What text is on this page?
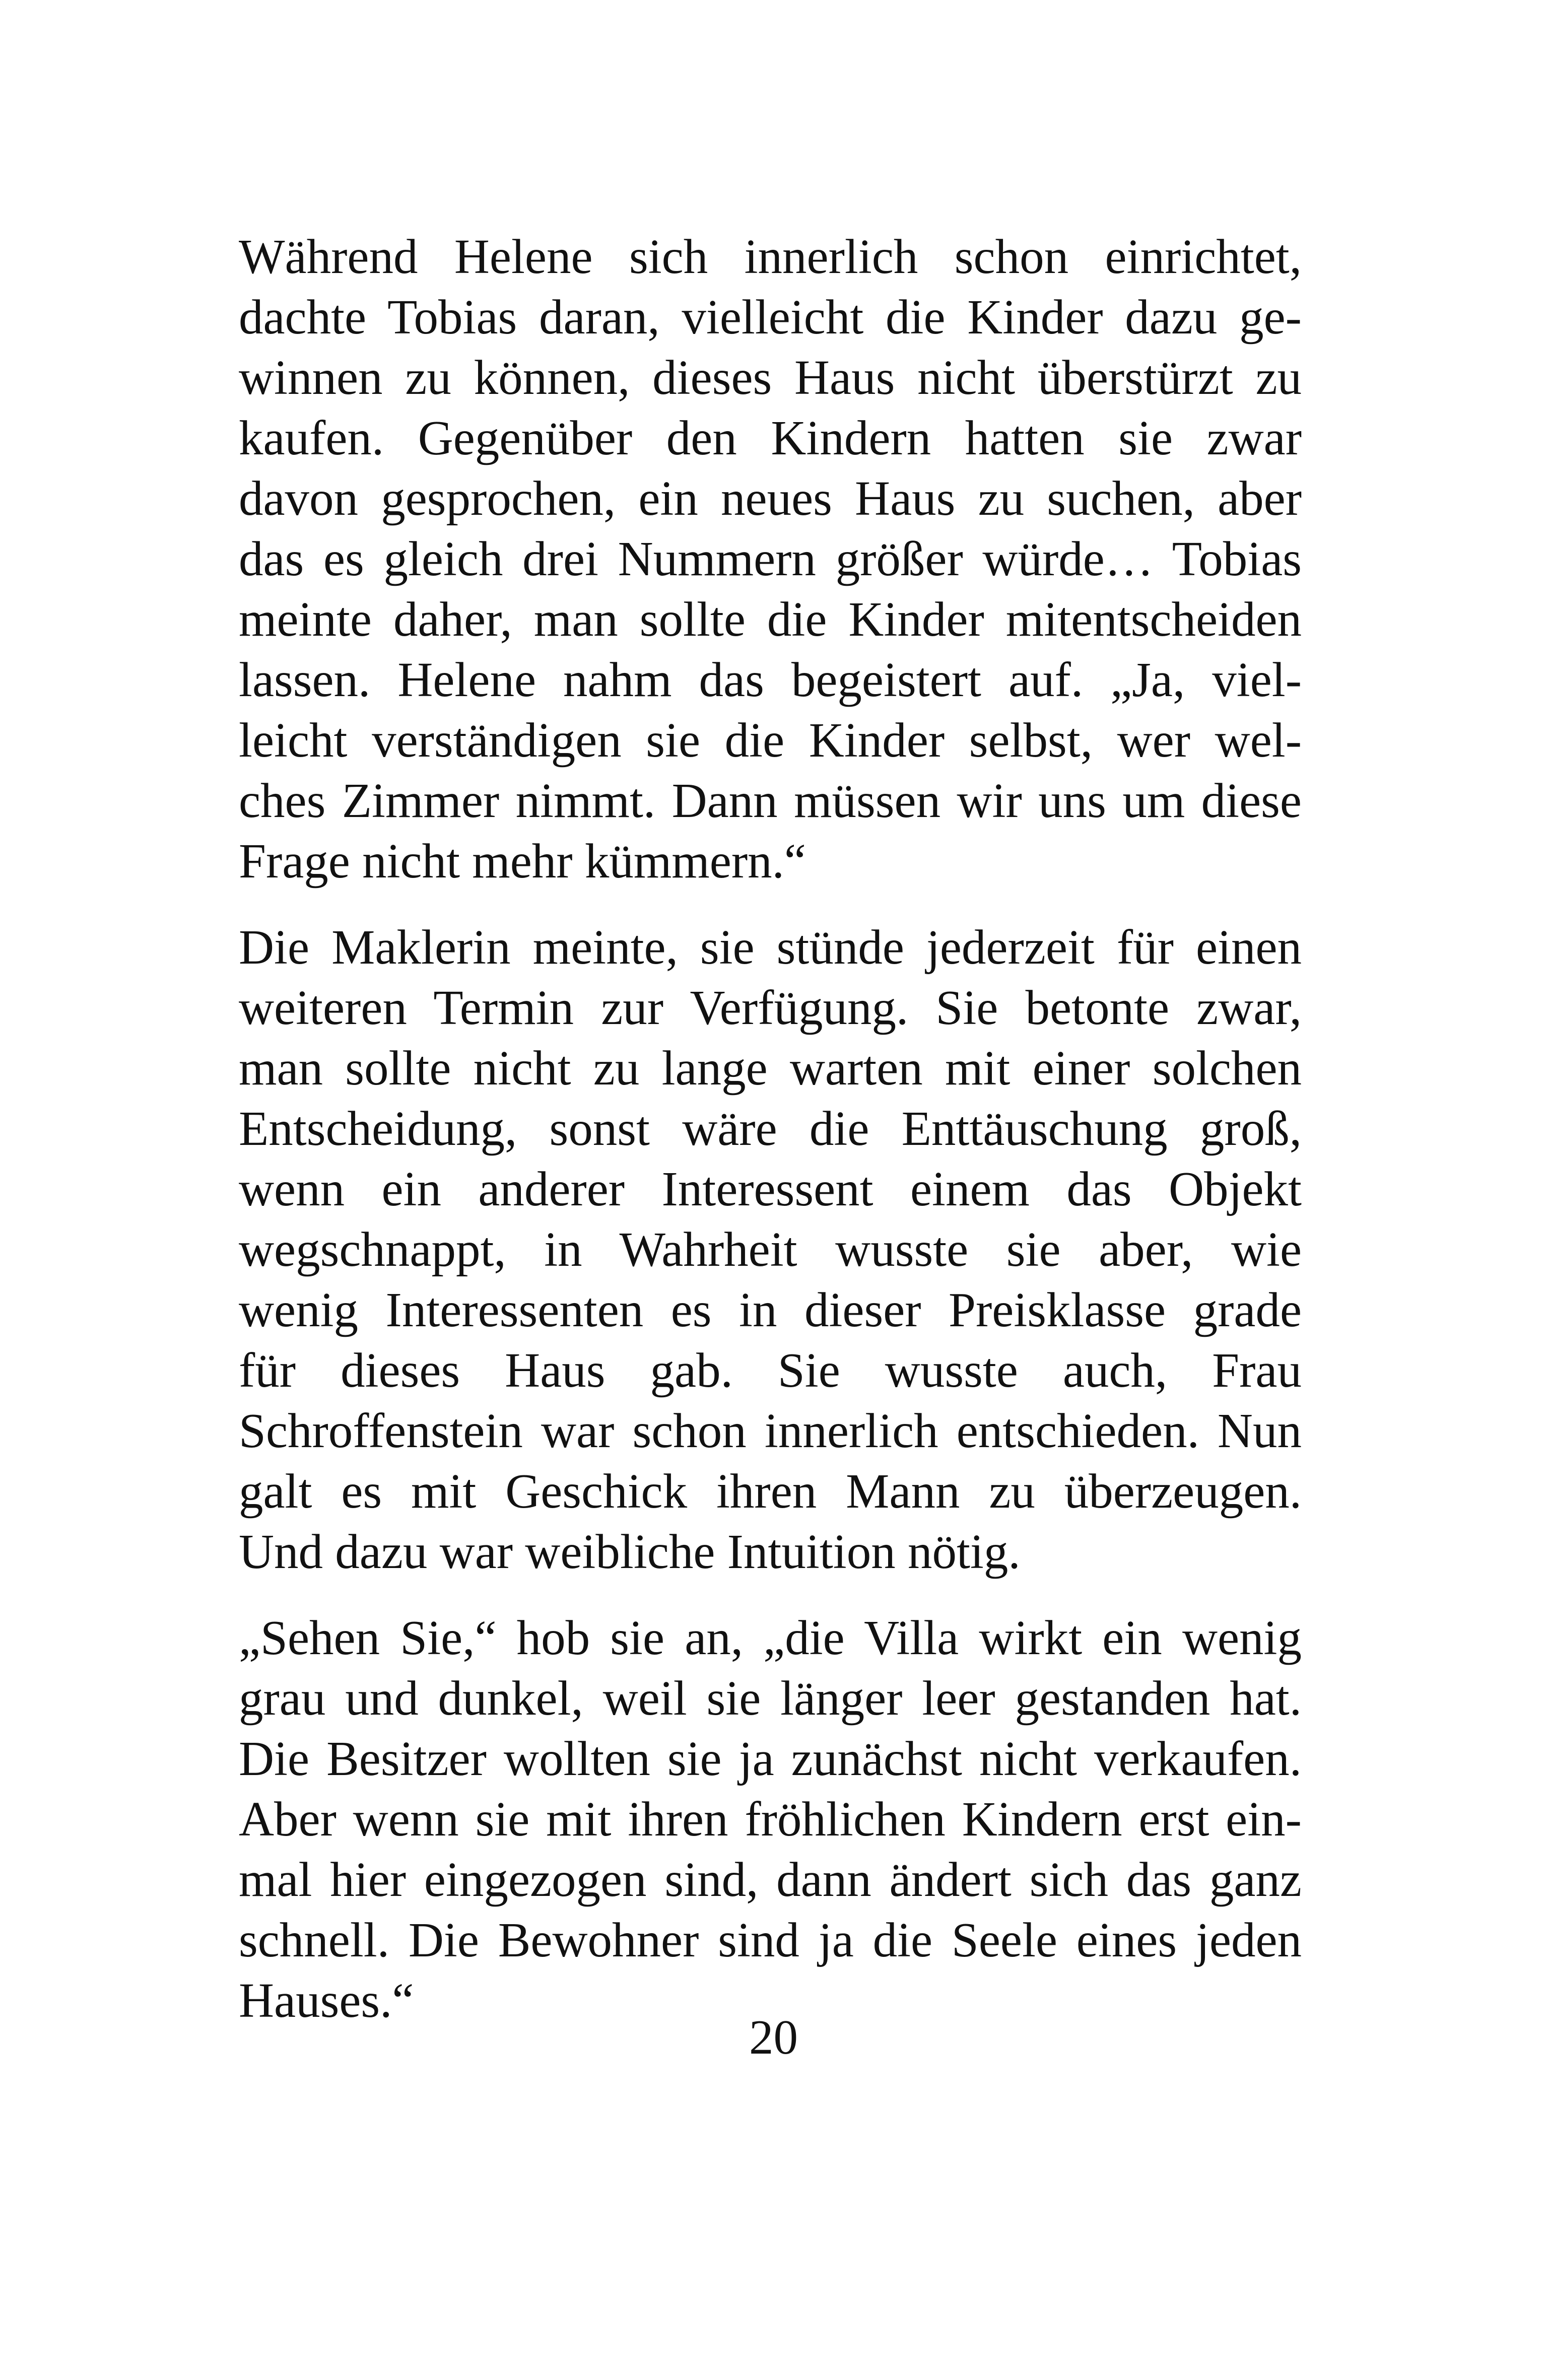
Während Helene sich innerlich schon einrichtet,
dachte Tobias daran, vielleicht die Kinder dazu ge-
winnen zu können, dieses Haus nicht überstürzt zu
kaufen. Gegenüber den Kindern hatten sie zwar
davon gesprochen, ein neues Haus zu suchen, aber
das es gleich drei Nummern größer würde… Tobias
meinte daher, man sollte die Kinder mitentscheiden
lassen. Helene nahm das begeistert auf. „Ja, viel-
leicht verständigen sie die Kinder selbst, wer wel-
ches Zimmer nimmt. Dann müssen wir uns um diese
Frage nicht mehr kümmern.“
Die Maklerin meinte, sie stünde jederzeit für einen
weiteren Termin zur Verfügung. Sie betonte zwar,
man sollte nicht zu lange warten mit einer solchen
Entscheidung, sonst wäre die Enttäuschung groß,
wenn ein anderer Interessent einem das Objekt
wegschnappt, in Wahrheit wusste sie aber, wie
wenig Interessenten es in dieser Preisklasse grade
für dieses Haus gab. Sie wusste auch, Frau
Schroffenstein war schon innerlich entschieden. Nun
galt es mit Geschick ihren Mann zu überzeugen.
Und dazu war weibliche Intuition nötig.
„Sehen Sie,“ hob sie an, „die Villa wirkt ein wenig
grau und dunkel, weil sie länger leer gestanden hat.
Die Besitzer wollten sie ja zunächst nicht verkaufen.
Aber wenn sie mit ihren fröhlichen Kindern erst ein-
mal hier eingezogen sind, dann ändert sich das ganz
schnell. Die Bewohner sind ja die Seele eines jeden
Hauses.“
20
